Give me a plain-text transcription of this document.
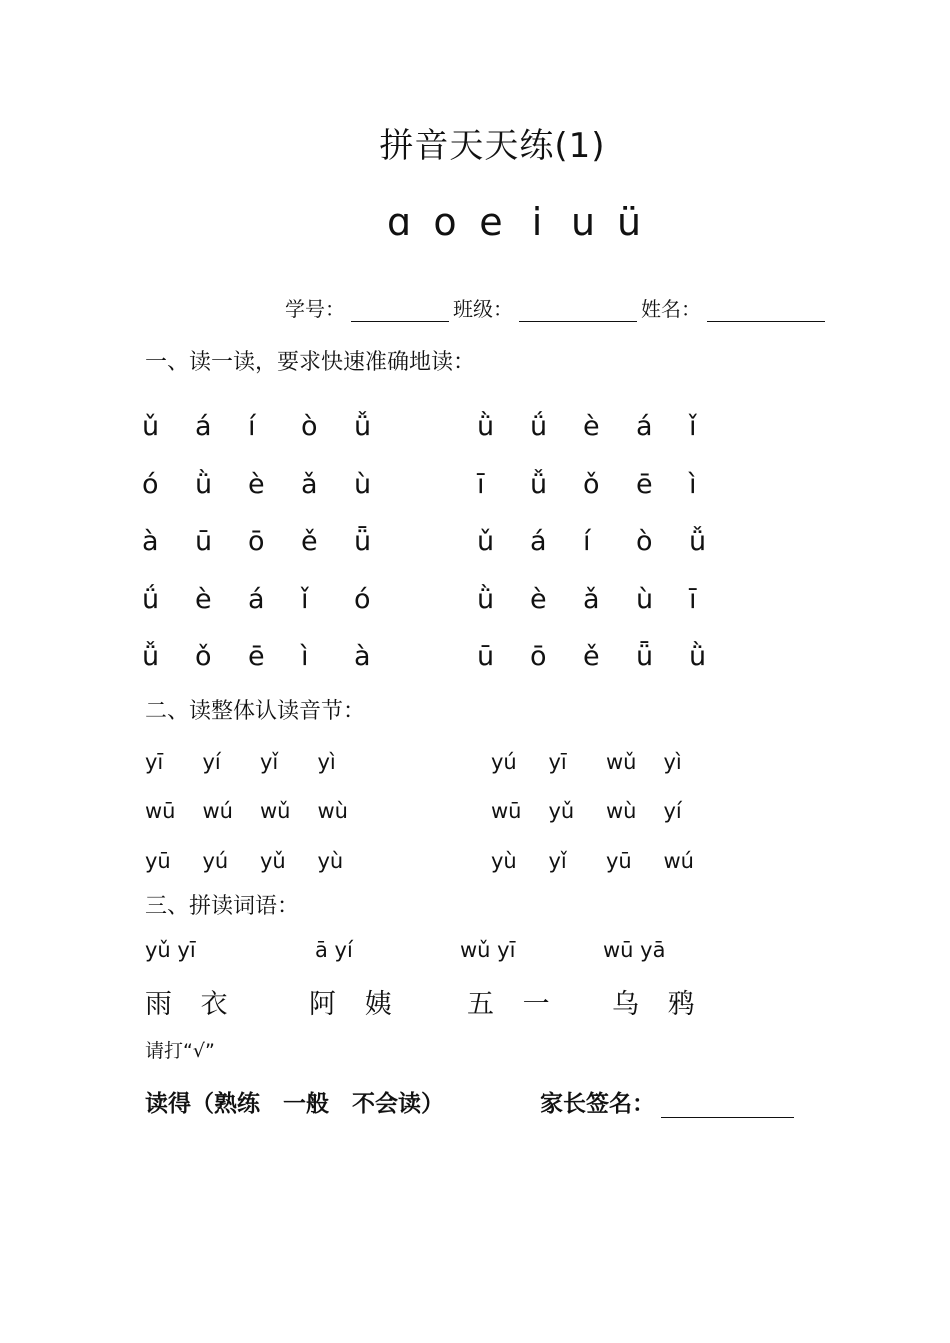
拼音天天练(1)
ɑ o e i u ü
学号：	班级：	姓名：
一、读一读，要求快速准确地读：
ǔ	á	í	ò	ǚ	ǜ	ǘ	è	á	ǐ
ó	ǜ	è	ǎ	ù	ī	ǚ	ǒ	ē	ì
à	ū	ō	ě	ǖ	ǔ	á	í	ò	ǚ
ǘ	è	á	ǐ	ó	ǜ	è	ǎ	ù	ī
ǚ	ǒ	ē	ì	à	ū	ō	ě	ǖ	ǜ
二、读整体认读音节：
yī	yí	yǐ	yì	yú	yī	wǔ	yì
wū	wú	wǔ	wù	wū	yǔ	wù	yí
yū	yú	yǔ	yù	yù	yǐ	yū	wú
三、拼读词语：
yǔ yī	ā yí	wǔ yī	wū yā
雨 衣	阿 姨	五 一	乌 鸦
请打“√”
读得（熟练　一般　不会读）	家长签名：
